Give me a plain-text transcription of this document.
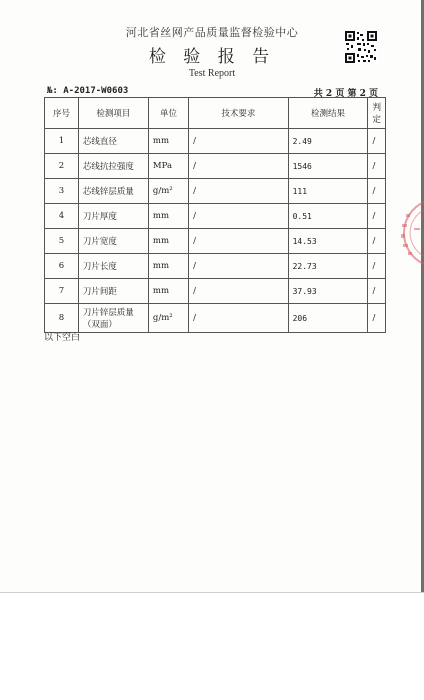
河北省丝网产品质量监督检验中心
检 验 报 告
Test Report
№: A-2017-W0603	共 2 页 第 2 页
序号	检测项目	单位	技术要求	检测结果	判定
1	芯线直径	mm	/	2.49	/
2	芯线抗拉强度	MPa	/	1546	/
3	芯线锌层质量	g/m²	/	111	/
4	刀片厚度	mm	/	0.51	/
5	刀片宽度	mm	/	14.53	/
6	刀片长度	mm	/	22.73	/
7	刀片间距	mm	/	37.93	/
8	刀片锌层质量（双面）	g/m²	/	206	/
以下空白
